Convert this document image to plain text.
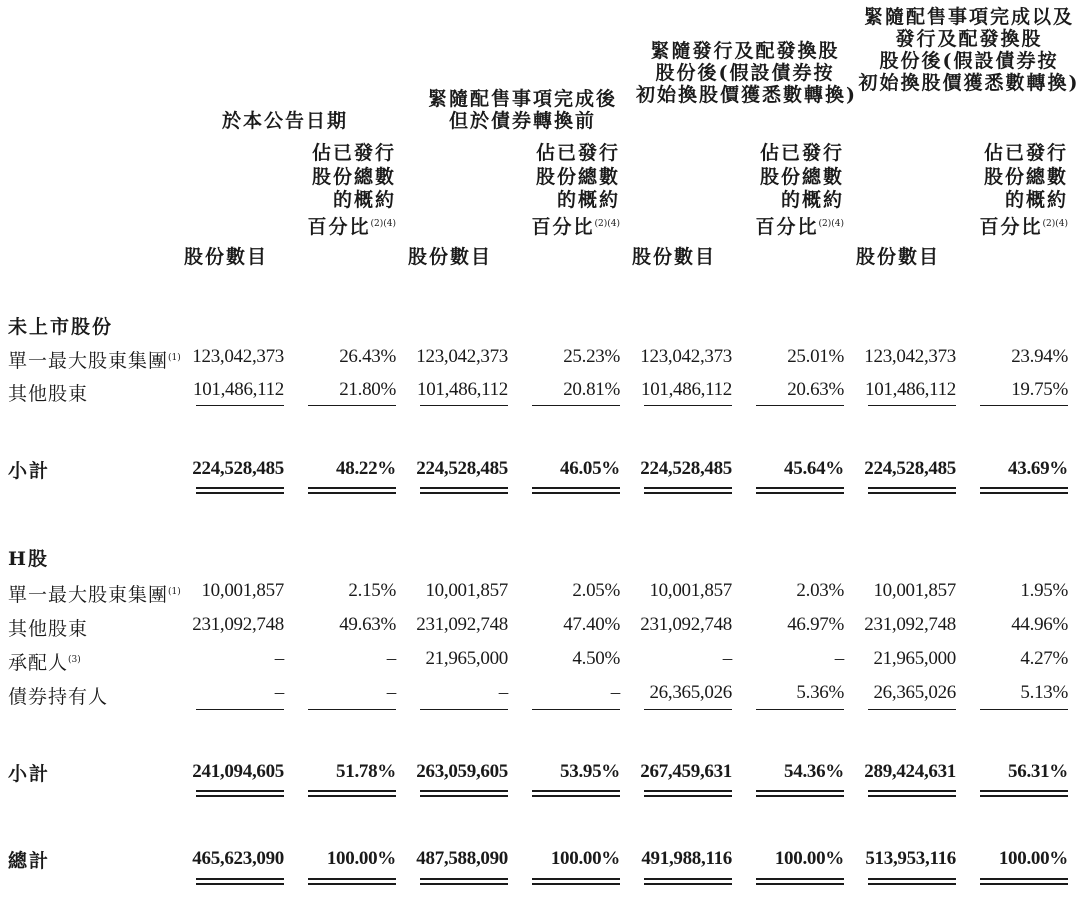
於本公告日期
緊隨配售事項完成後
但於債券轉換前
緊隨發行及配發換股
股份後(假設債券按
初始換股價獲悉數轉換)
緊隨配售事項完成以及
發行及配發換股
股份後(假設債券按
初始換股價獲悉數轉換)
股份數目	股份數目	股份數目	股份數目
佔已發行
股份總數
的概約
百分比$^{(2)(4)}$
佔已發行
股份總數
的概約
百分比$^{(2)(4)}$
佔已發行
股份總數
的概約
百分比$^{(2)(4)}$
佔已發行
股份總數
的概約
百分比$^{(2)(4)}$
未上市股份
單一最大股東集團$^{(1)}$ 123,042,373	26.43% 123,042,373	25.23% 123,042,373	25.01% 123,042,373	23.94%
其他股東	101,486,112	21.80% 101,486,112	20.81% 101,486,112	20.63% 101,486,112	19.75%
小計	224,528,485	48.22% 224,528,485	46.05% 224,528,485	45.64% 224,528,485	43.69%
H股
單一最大股東集團$^{(1)}$ 10,001,857	2.15% 10,001,857	2.05% 10,001,857	2.03% 10,001,857	1.95%
其他股東	231,092,748	49.63% 231,092,748	47.40% 231,092,748	46.97% 231,092,748	44.96%
承配人$^{(3)}$	–	– 21,965,000	4.50%	–	– 21,965,000	4.27%
債券持有人	–	–	–	– 26,365,026	5.36% 26,365,026	5.13%
小計	241,094,605	51.78% 263,059,605	53.95% 267,459,631	54.36% 289,424,631	56.31%
總計	465,623,090 100.00% 487,588,090 100.00% 491,988,116 100.00% 513,953,116 100.00%
